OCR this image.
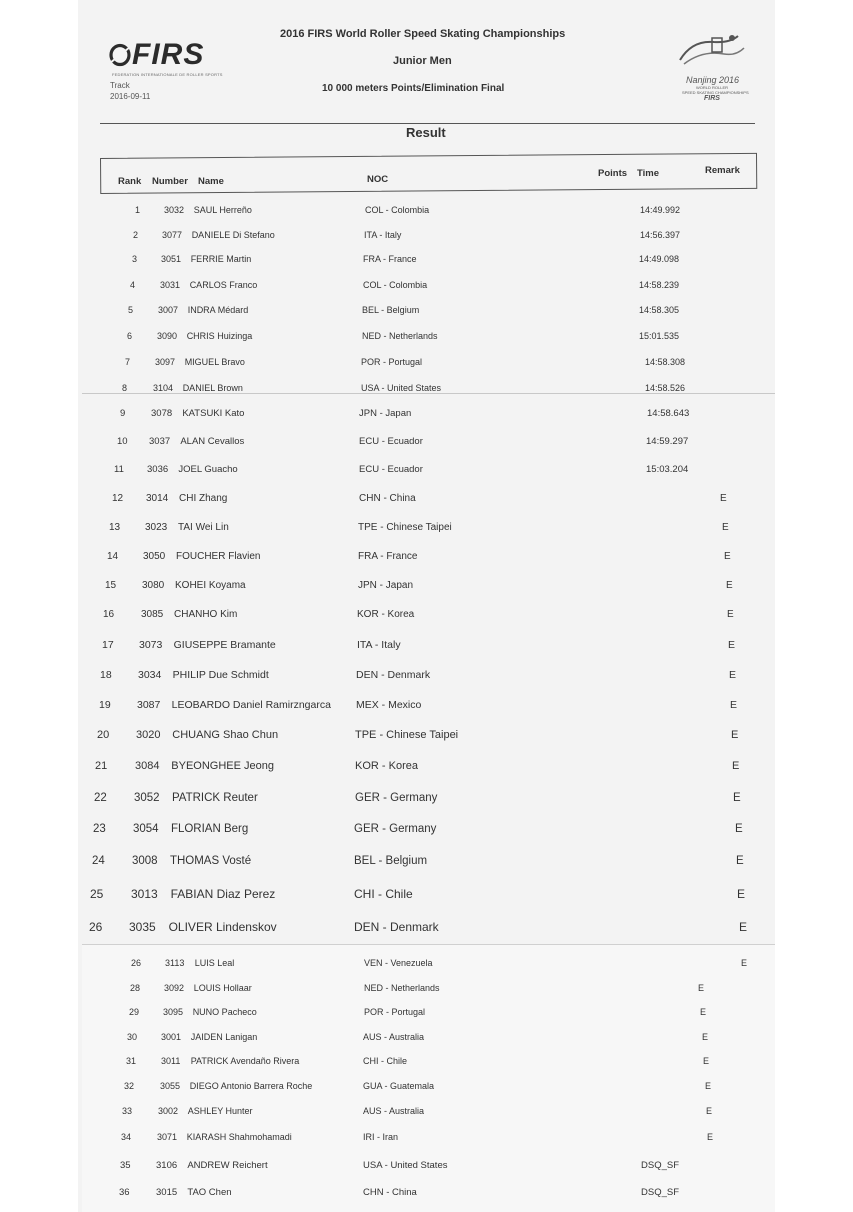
FIRS
FEDERATION INTERNATIONALE DE ROLLER SPORTS
2016 FIRS World Roller Speed Skating Championships
Junior Men
10 000 meters Points/Elimination Final
Track
2016-09-11
Nanjing 2016
WORLD ROLLER
SPEED SKATING CHAMPIONSHIPS
FIRS
Result
Rank Number Name	NOC
Points Time	Remark
1	3032 SAUL Herreño	COL - Colombia	14:49.992
2	3077 DANIELE Di Stefano	ITA - Italy	14:56.397
3	3051 FERRIE Martin	FRA - France	14:49.098
4	3031 CARLOS Franco	COL - Colombia	14:58.239
5	3007 INDRA Médard	BEL - Belgium	14:58.305
6	3090 CHRIS Huizinga	NED - Netherlands	15:01.535
7	3097 MIGUEL Bravo	POR - Portugal	14:58.308
8	3104 DANIEL Brown	USA - United States	14:58.526
9	3078 KATSUKI Kato	JPN - Japan	14:58.643
10 3037 ALAN Cevallos	ECU - Ecuador	14:59.297
11 3036 JOEL Guacho	ECU - Ecuador	15:03.204
12 3014 CHI Zhang	CHN - China	E
13 3023 TAI Wei Lin	TPE - Chinese Taipei	E
14 3050 FOUCHER Flavien	FRA - France	E
15	3080 KOHEI Koyama	JPN - Japan	E
16	3085 CHANHO Kim	KOR - Korea	E
17 3073 GIUSEPPE Bramante	ITA - Italy	E
18	3034 PHILIP Due Schmidt	DEN - Denmark	E
19	3087 LEOBARDO Daniel Ramirzngarca MEX - Mexico	E
20 3020 CHUANG Shao Chun	TPE - Chinese Taipei	E
21	3084 BYEONGHEE Jeong	KOR - Korea	E
22 3052 PATRICK Reuter	GER - Germany	E
23 3054 FLORIAN Berg	GER - Germany	E
24 3008 THOMAS Vosté	BEL - Belgium	E
25 3013 FABIAN Diaz Perez	CHI - Chile	E
26 3035 OLIVER Lindenskov	DEN - Denmark	E
26	3113 LUIS Leal	VEN - Venezuela	E
28	3092 LOUIS Hollaar	NED - Netherlands	E
29	3095 NUNO Pacheco	POR - Portugal	E
30	3001 JAIDEN Lanigan	AUS - Australia	E
31	3011 PATRICK Avendaño Rivera	CHI - Chile	E
32	3055 DIEGO Antonio Barrera Roche	GUA - Guatemala	E
33	3002 ASHLEY Hunter	AUS - Australia	E
34	3071 KIARASH Shahmohamadi	IRI - Iran	E
35	3106 ANDREW Reichert	USA - United States	DSQ_SF
36	3015 TAO Chen	CHN - China	DSQ_SF
